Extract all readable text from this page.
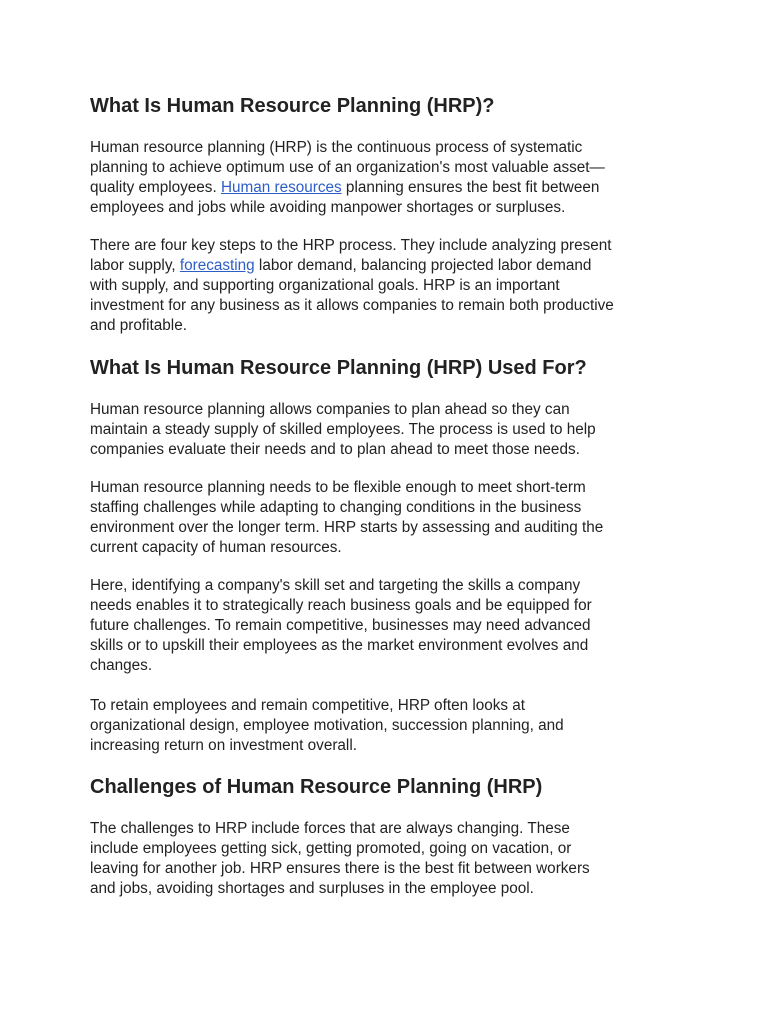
What Is Human Resource Planning (HRP)?

Human resource planning (HRP) is the continuous process of systematic
planning to achieve optimum use of an organization's most valuable asset—
quality employees. Human resources planning ensures the best fit between
employees and jobs while avoiding manpower shortages or surpluses.

There are four key steps to the HRP process. They include analyzing present
labor supply, forecasting labor demand, balancing projected labor demand
with supply, and supporting organizational goals. HRP is an important
investment for any business as it allows companies to remain both productive
and profitable.

What Is Human Resource Planning (HRP) Used For?

Human resource planning allows companies to plan ahead so they can
maintain a steady supply of skilled employees. The process is used to help
companies evaluate their needs and to plan ahead to meet those needs.

Human resource planning needs to be flexible enough to meet short-term
staffing challenges while adapting to changing conditions in the business
environment over the longer term. HRP starts by assessing and auditing the
current capacity of human resources.

Here, identifying a company's skill set and targeting the skills a company
needs enables it to strategically reach business goals and be equipped for
future challenges. To remain competitive, businesses may need advanced
skills or to upskill their employees as the market environment evolves and
changes.

To retain employees and remain competitive, HRP often looks at
organizational design, employee motivation, succession planning, and
increasing return on investment overall.

Challenges of Human Resource Planning (HRP)

The challenges to HRP include forces that are always changing. These
include employees getting sick, getting promoted, going on vacation, or
leaving for another job. HRP ensures there is the best fit between workers
and jobs, avoiding shortages and surpluses in the employee pool.
